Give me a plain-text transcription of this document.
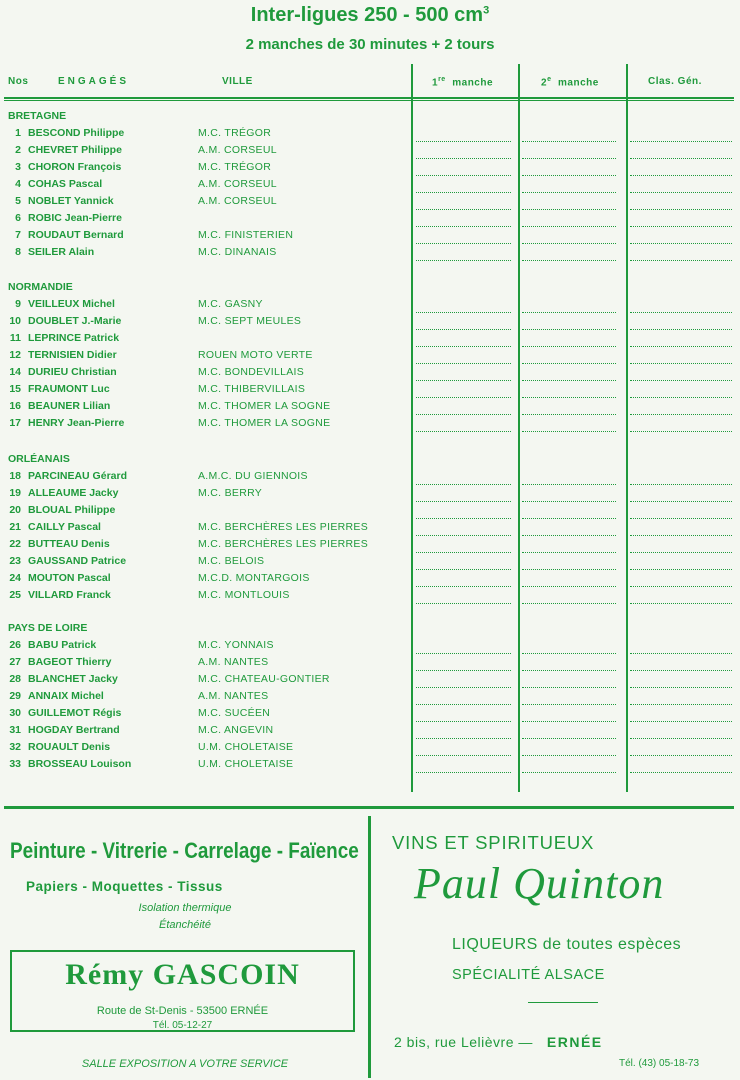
Inter-ligues 250 - 500 $cm^3$
2 manches de 30 minutes + 2 tours
Nos	ENGAGÉS	VILLE	1re manche	2e manche	Clas. Gén.
BRETAGNE
1 BESCOND Philippe	M.C. TRÉGOR
2 CHEVRET Philippe	A.M. CORSEUL
3 CHORON François	M.C. TRÉGOR
4 COHAS Pascal	A.M. CORSEUL
5 NOBLET Yannick	A.M. CORSEUL
6 ROBIC Jean-Pierre
7 ROUDAUT Bernard	M.C. FINISTERIEN
8 SEILER Alain	M.C. DINANAIS
NORMANDIE
9 VEILLEUX Michel	M.C. GASNY
10 DOUBLET J.-Marie	M.C. SEPT MEULES
11 LEPRINCE Patrick
12 TERNISIEN Didier	ROUEN MOTO VERTE
14 DURIEU Christian	M.C. BONDEVILLAIS
15 FRAUMONT Luc	M.C. THIBERVILLAIS
16 BEAUNER Lilian	M.C. THOMER LA SOGNE
17 HENRY Jean-Pierre	M.C. THOMER LA SOGNE
ORLÉANAIS
18 PARCINEAU Gérard	A.M.C. DU GIENNOIS
19 ALLEAUME Jacky	M.C. BERRY
20 BLOUAL Philippe
21 CAILLY Pascal	M.C. BERCHÈRES LES PIERRES
22 BUTTEAU Denis	M.C. BERCHÈRES LES PIERRES
23 GAUSSAND Patrice	M.C. BELOIS
24 MOUTON Pascal	M.C.D. MONTARGOIS
25 VILLARD Franck	M.C. MONTLOUIS
PAYS DE LOIRE
26 BABU Patrick	M.C. YONNAIS
27 BAGEOT Thierry	A.M. NANTES
28 BLANCHET Jacky	M.C. CHATEAU-GONTIER
29 ANNAIX Michel	A.M. NANTES
30 GUILLEMOT Régis	M.C. SUCÉEN
31 HOGDAY Bertrand	M.C. ANGEVIN
32 ROUAULT Denis	U.M. CHOLETAISE
33 BROSSEAU Louison	U.M. CHOLETAISE
Peinture - Vitrerie - Carrelage - Faïence
Papiers - Moquettes - Tissus
Isolation thermique
Étanchéité
Rémy GASCOIN
Route de St-Denis - 53500 ERNÉE
Tél. 05-12-27
SALLE EXPOSITION A VOTRE SERVICE
VINS ET SPIRITUEUX
Paul Quinton
LIQUEURS de toutes espèces
SPÉCIALITÉ ALSACE
2 bis, rue Lelièvre — ERNÉE
Tél. (43) 05-18-73
